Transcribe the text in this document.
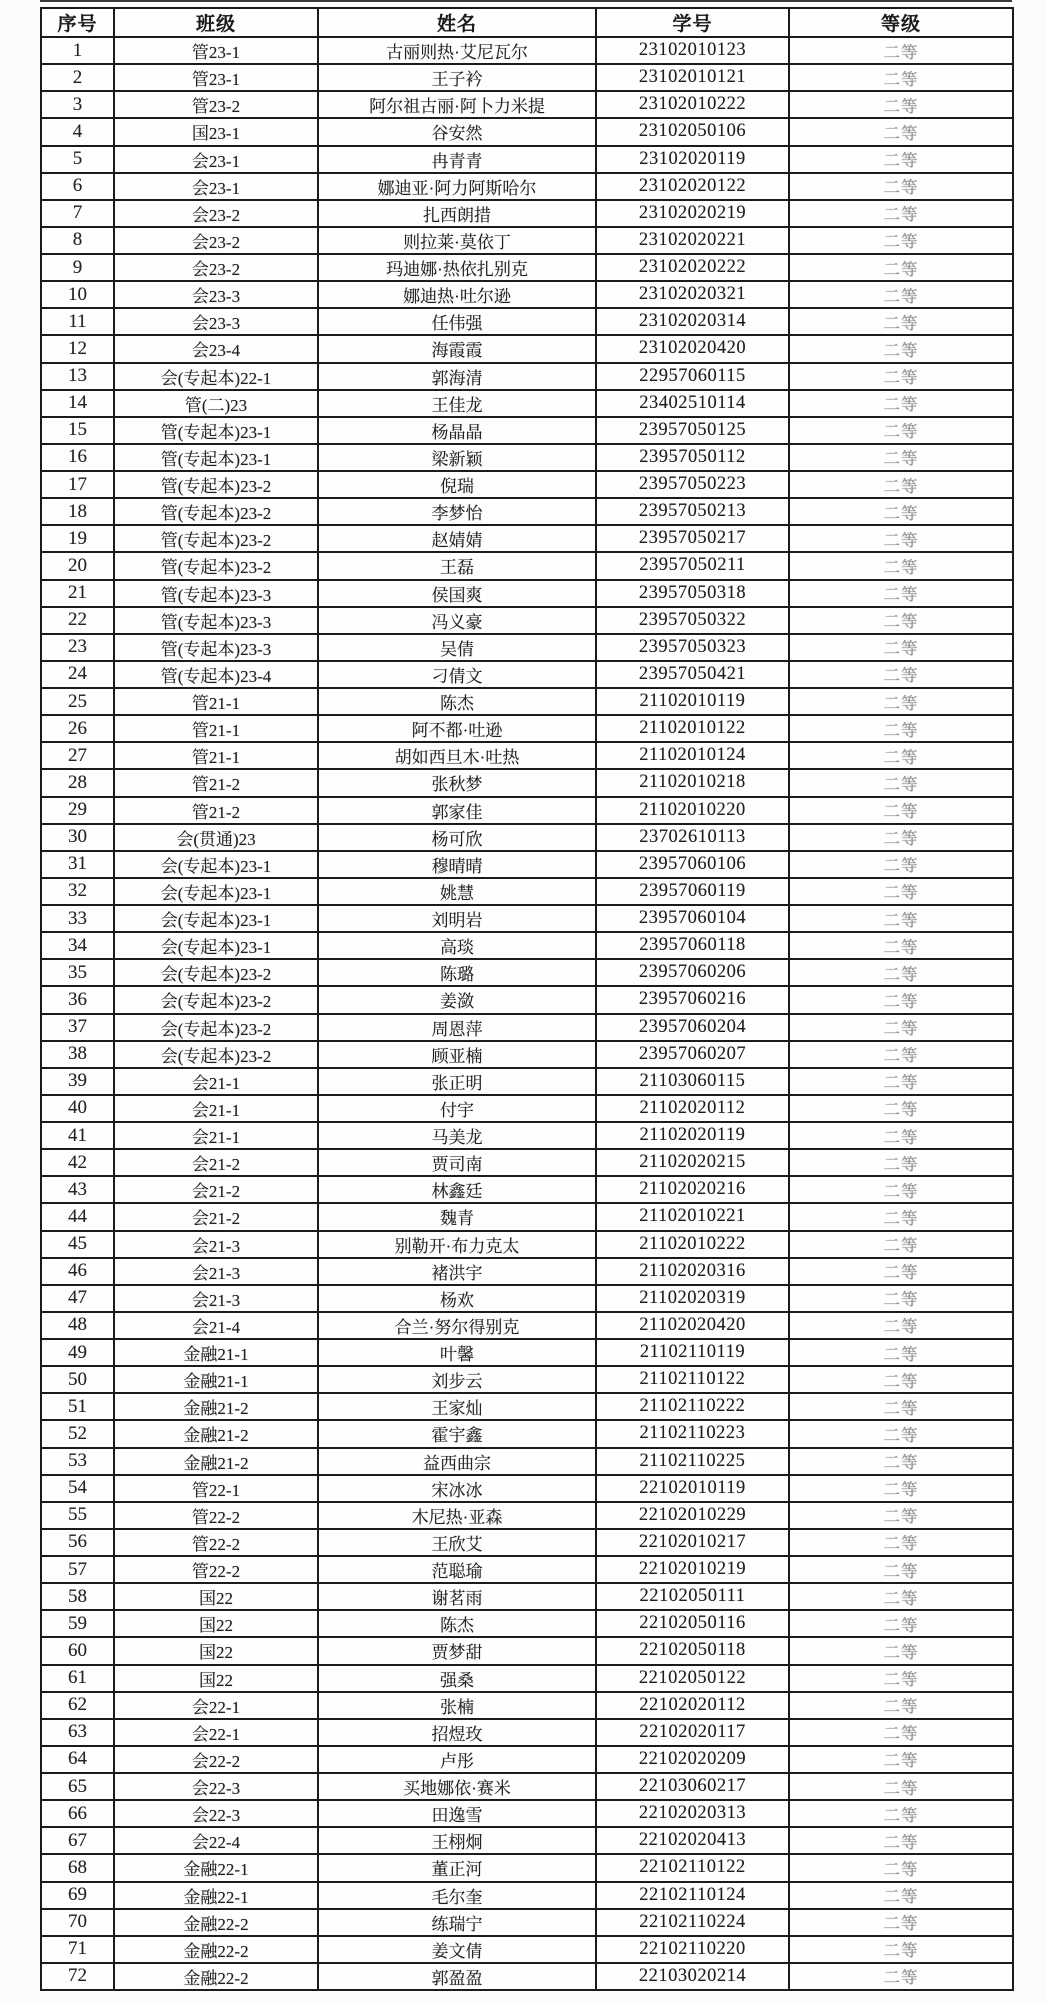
序号	班级	姓名	学号	等级
1	管23-1	古丽则热·艾尼瓦尔	23102010123	二等
2	管23-1	王子衿	23102010121	二等
3	管23-2	阿尔祖古丽·阿卜力米提	23102010222	二等
4	国23-1	谷安然	23102050106	二等
5	会23-1	冉青青	23102020119	二等
6	会23-1	娜迪亚·阿力阿斯哈尔	23102020122	二等
7	会23-2	扎西朗措	23102020219	二等
8	会23-2	则拉莱·莫依丁	23102020221	二等
9	会23-2	玛迪娜·热依扎别克	23102020222	二等
10	会23-3	娜迪热·吐尔逊	23102020321	二等
11	会23-3	任伟强	23102020314	二等
12	会23-4	海霞霞	23102020420	二等
13	会(专起本)22-1	郭海清	22957060115	二等
14	管(二)23	王佳龙	23402510114	二等
15	管(专起本)23-1	杨晶晶	23957050125	二等
16	管(专起本)23-1	梁新颖	23957050112	二等
17	管(专起本)23-2	倪瑞	23957050223	二等
18	管(专起本)23-2	李梦怡	23957050213	二等
19	管(专起本)23-2	赵婧婧	23957050217	二等
20	管(专起本)23-2	王磊	23957050211	二等
21	管(专起本)23-3	侯国爽	23957050318	二等
22	管(专起本)23-3	冯义豪	23957050322	二等
23	管(专起本)23-3	吴倩	23957050323	二等
24	管(专起本)23-4	刁倩文	23957050421	二等
25	管21-1	陈杰	21102010119	二等
26	管21-1	阿不都·吐逊	21102010122	二等
27	管21-1	胡如西旦木·吐热	21102010124	二等
28	管21-2	张秋梦	21102010218	二等
29	管21-2	郭家佳	21102010220	二等
30	会(贯通)23	杨可欣	23702610113	二等
31	会(专起本)23-1	穆晴晴	23957060106	二等
32	会(专起本)23-1	姚慧	23957060119	二等
33	会(专起本)23-1	刘明岩	23957060104	二等
34	会(专起本)23-1	高琰	23957060118	二等
35	会(专起本)23-2	陈璐	23957060206	二等
36	会(专起本)23-2	姜潋	23957060216	二等
37	会(专起本)23-2	周恩萍	23957060204	二等
38	会(专起本)23-2	顾亚楠	23957060207	二等
39	会21-1	张正明	21103060115	二等
40	会21-1	付宇	21102020112	二等
41	会21-1	马美龙	21102020119	二等
42	会21-2	贾司南	21102020215	二等
43	会21-2	林鑫廷	21102020216	二等
44	会21-2	魏青	21102010221	二等
45	会21-3	别勒开·布力克太	21102010222	二等
46	会21-3	褚洪宇	21102020316	二等
47	会21-3	杨欢	21102020319	二等
48	会21-4	合兰·努尔得别克	21102020420	二等
49	金融21-1	叶馨	21102110119	二等
50	金融21-1	刘步云	21102110122	二等
51	金融21-2	王家灿	21102110222	二等
52	金融21-2	霍宇鑫	21102110223	二等
53	金融21-2	益西曲宗	21102110225	二等
54	管22-1	宋冰冰	22102010119	二等
55	管22-2	木尼热·亚森	22102010229	二等
56	管22-2	王欣艾	22102010217	二等
57	管22-2	范聪瑜	22102010219	二等
58	国22	谢茗雨	22102050111	二等
59	国22	陈杰	22102050116	二等
60	国22	贾梦甜	22102050118	二等
61	国22	强桑	22102050122	二等
62	会22-1	张楠	22102020112	二等
63	会22-1	招煜玫	22102020117	二等
64	会22-2	卢彤	22102020209	二等
65	会22-3	买地娜依·赛米	22103060217	二等
66	会22-3	田逸雪	22102020313	二等
67	会22-4	王栩炯	22102020413	二等
68	金融22-1	董正河	22102110122	二等
69	金融22-1	毛尔奎	22102110124	二等
70	金融22-2	练瑞宁	22102110224	二等
71	金融22-2	姜文倩	22102110220	二等
72	金融22-2	郭盈盈	22103020214	二等
